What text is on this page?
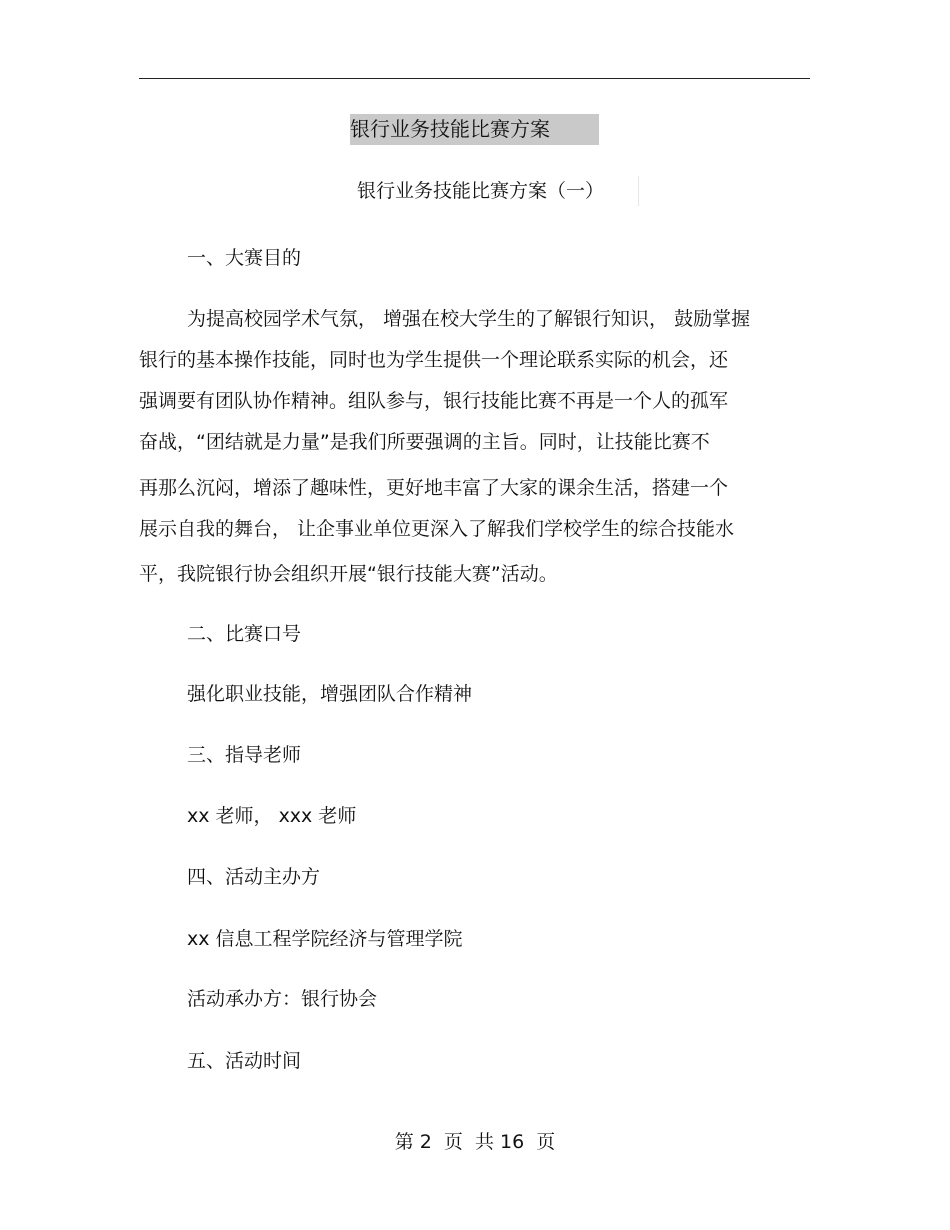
银行业务技能比赛方案
银行业务技能比赛方案（一）
一、大赛目的
为提高校园学术气氛， 增强在校大学生的了解银行知识， 鼓励掌握
银行的基本操作技能，同时也为学生提供一个理论联系实际的机会，还
强调要有团队协作精神。组队参与，银行技能比赛不再是一个人的孤军
奋战，“团结就是力量”是我们所要强调的主旨。同时，让技能比赛不
再那么沉闷，增添了趣味性，更好地丰富了大家的课余生活，搭建一个
展示自我的舞台， 让企事业单位更深入了解我们学校学生的综合技能水
平，我院银行协会组织开展“银行技能大赛”活动。
二、比赛口号
强化职业技能，增强团队合作精神
三、指导老师
xx 老师， xxx 老师
四、活动主办方
xx 信息工程学院经济与管理学院
活动承办方：银行协会
五、活动时间
第 2  页  共 16  页
